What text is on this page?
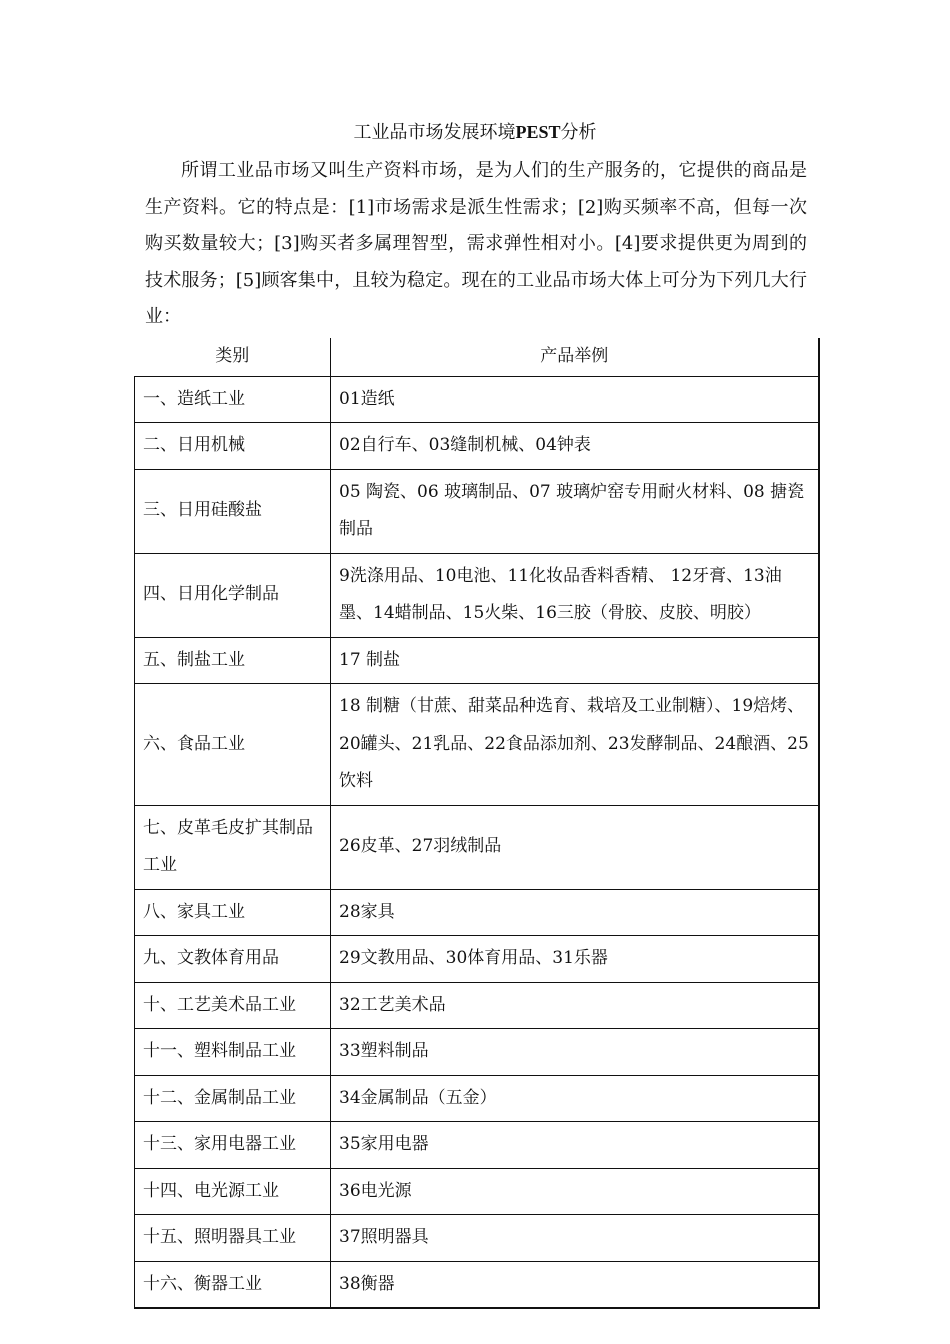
工业品市场发展环境PEST分析

所谓工业品市场又叫生产资料市场，是为人们的生产服务的，它提供的商品是生产资料。它的特点是：[1]市场需求是派生性需求；[2]购买频率不高，但每一次购买数量较大；[3]购买者多属理智型，需求弹性相对小。[4]要求提供更为周到的技术服务；[5]顾客集中，且较为稳定。现在的工业品市场大体上可分为下列几大行业：

类别	产品举例
一、造纸工业	01造纸
二、日用机械	02自行车、03缝制机械、04钟表
三、日用硅酸盐	05 陶瓷、06 玻璃制品、07 玻璃炉窑专用耐火材料、08 搪瓷制品
四、日用化学制品	9洗涤用品、10电池、11化妆品香料香精、 12牙膏、13油墨、14蜡制品、15火柴、16三胶（骨胶、皮胶、明胶）
五、制盐工业	17 制盐
六、食品工业	18 制糖（甘蔗、甜菜品种选育、栽培及工业制糖）、19焙烤、20罐头、21乳品、22食品添加剂、23发酵制品、24酿酒、25饮料
七、皮革毛皮扩其制品工业	26皮革、27羽绒制品
八、家具工业	28家具
九、文教体育用品	29文教用品、30体育用品、31乐器
十、工艺美术品工业	32工艺美术品
十一、塑料制品工业	33塑料制品
十二、金属制品工业	34金属制品（五金）
十三、家用电器工业	35家用电器
十四、电光源工业	36电光源
十五、照明器具工业	37照明器具
十六、衡器工业	38衡器
